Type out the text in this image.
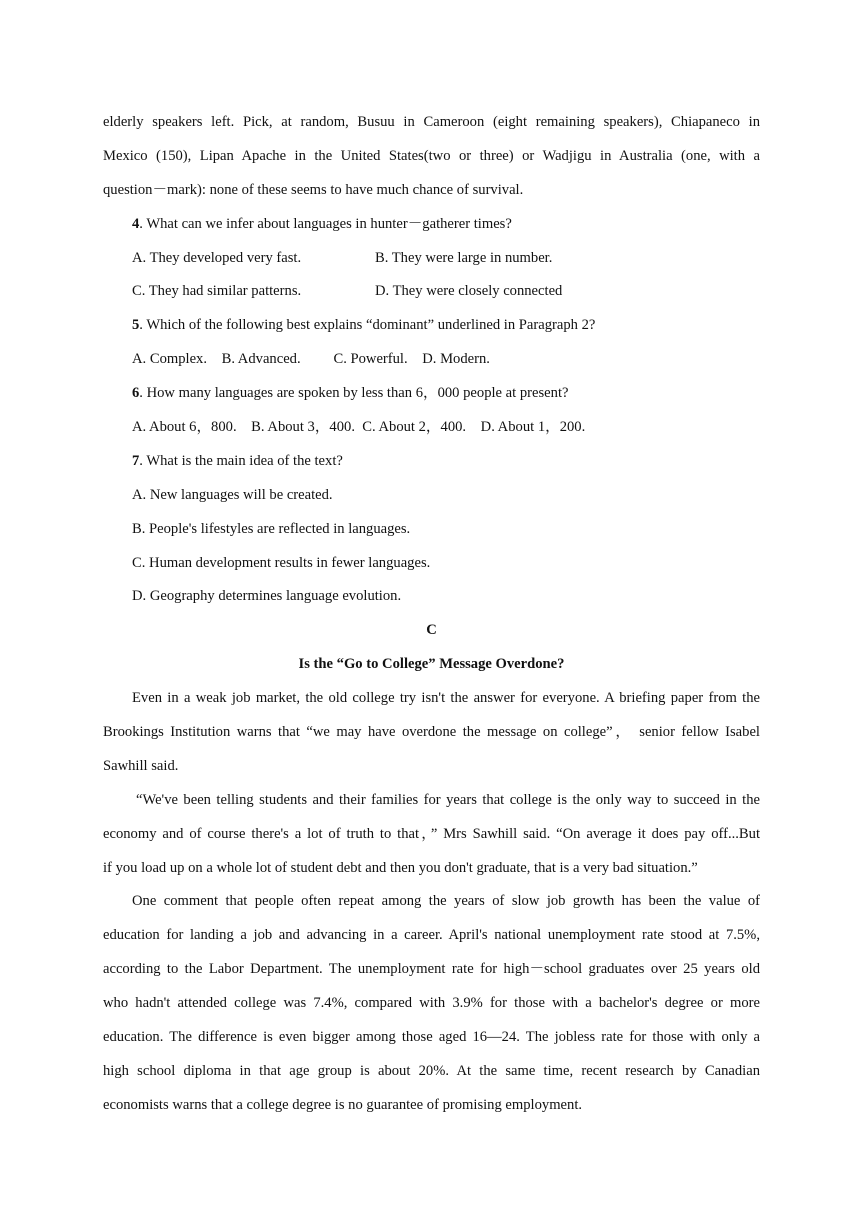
elderly speakers left. Pick, at random, Busuu in Cameroon (eight remaining speakers), Chiapaneco in
Mexico (150), Lipan Apache in the United States(two or three) or Wadjigu in Australia (one, with a
question－mark): none of these seems to have much chance of survival.
4. What can we infer about languages in hunter－gatherer times?
A. They developed very fast.	B. They were large in number.
C. They had similar patterns.	D. They were closely connected
5. Which of the following best explains “dominant” underlined in Paragraph 2?
A. Complex.    B. Advanced.         C. Powerful.    D. Modern.
6. How many languages are spoken by less than 6，000 people at present?
A. About 6，800.    B. About 3，400.  C. About 2，400.    D. About 1，200.
7. What is the main idea of the text?
A. New languages will be created.
B. People's lifestyles are reflected in languages.
C. Human development results in fewer languages.
D. Geography determines language evolution.
C
Is the “Go to College” Message Overdone?
Even in a weak job market, the old college try isn't the answer for everyone. A briefing paper from the
Brookings Institution warns that “we may have overdone the message on college”， senior fellow Isabel
Sawhill said.
“We've been telling students and their families for years that college is the only way to succeed in the
economy and of course there's a lot of truth to that，” Mrs Sawhill said. “On average it does pay off...But
if you load up on a whole lot of student debt and then you don't graduate, that is a very bad situation.”
One comment that people often repeat among the years of slow job growth has been the value of
education for landing a job and advancing in a career. April's national unemployment rate stood at 7.5%,
according to the Labor Department. The unemployment rate for high－school graduates over 25 years old
who hadn't attended college was 7.4%, compared with 3.9% for those with a bachelor's degree or more
education. The difference is even bigger among those aged 16—24. The jobless rate for those with only a
high school diploma in that age group is about 20%. At the same time, recent research by Canadian
economists warns that a college degree is no guarantee of promising employment.
